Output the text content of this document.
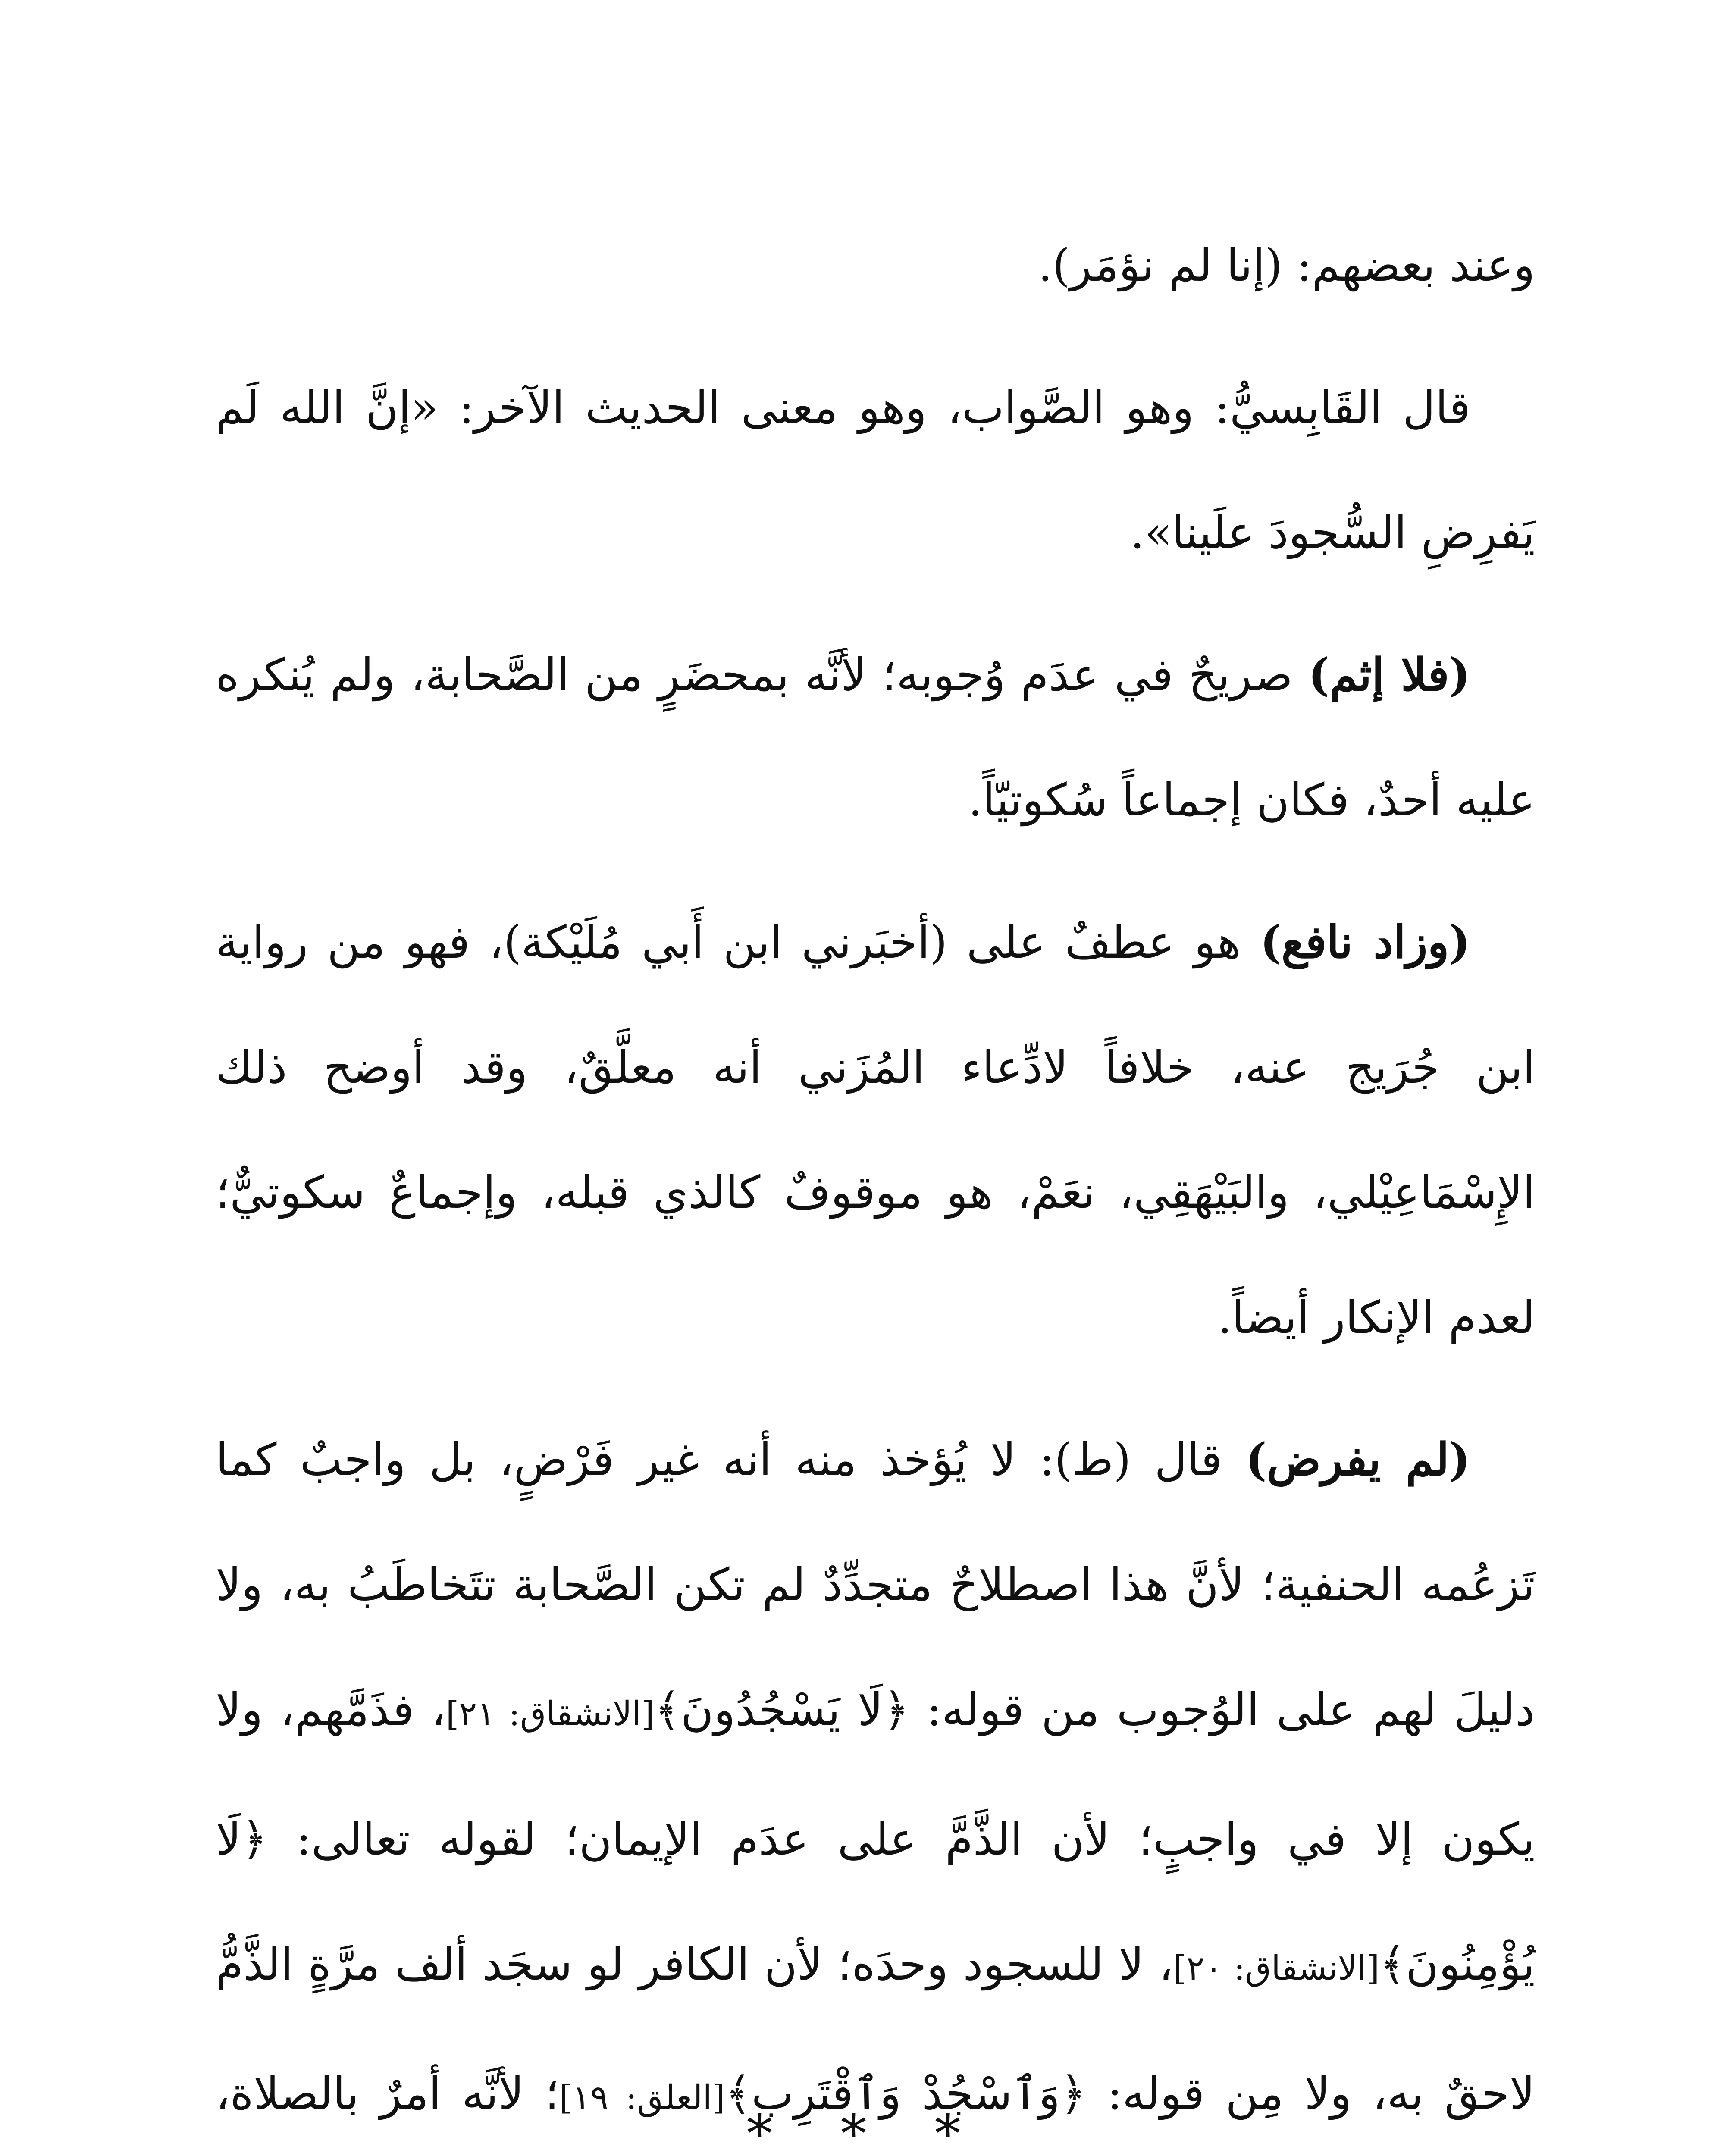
وعند بعضهم: (إنا لم نؤمَر).

قال القَابِسيُّ: وهو الصَّواب، وهو معنى الحديث الآخر: «إنَّ الله لَم يَفرِضِ السُّجودَ علَينا».

(فلا إثم) صريحٌ في عدَم وُجوبه؛ لأنَّه بمحضَرٍ من الصَّحابة، ولم يُنكره عليه أحدٌ، فكان إجماعاً سُكوتيّاً.

(وزاد نافع) هو عطفٌ على (أخبَرني ابن أَبي مُلَيْكة)، فهو من رواية ابن جُرَيج عنه، خلافاً لادِّعاء المُزَني أنه معلَّقٌ، وقد أوضح ذلك الإِسْمَاعِيْلي، والبَيْهَقِي، نعَمْ، هو موقوفٌ كالذي قبله، وإجماعٌ سكوتيٌّ؛ لعدم الإنكار أيضاً.

(لم يفرض) قال (ط): لا يُؤخذ منه أنه غير فَرْضٍ، بل واجبٌ كما تَزعُمه الحنفية؛ لأنَّ هذا اصطلاحٌ متجدِّدٌ لم تكن الصَّحابة تتَخاطَبُ به، ولا دليلَ لهم على الوُجوب من قوله: ﴿لَا يَسْجُدُونَ﴾[الانشقاق: ٢١]، فذَمَّهم، ولا يكون إلا في واجبٍ؛ لأن الذَّمَّ على عدَم الإيمان؛ لقوله تعالى: ﴿لَا يُؤْمِنُونَ﴾[الانشقاق: ٢٠]، لا للسجود وحدَه؛ لأن الكافر لو سجَد ألف مرَّةٍ الذَّمُّ لاحقٌ به، ولا مِن قوله: ﴿وَٱسْجُدْ وَٱقْتَرِب﴾[العلق: ١٩]؛ لأنَّه أمرٌ بالصلاة،

* * *
